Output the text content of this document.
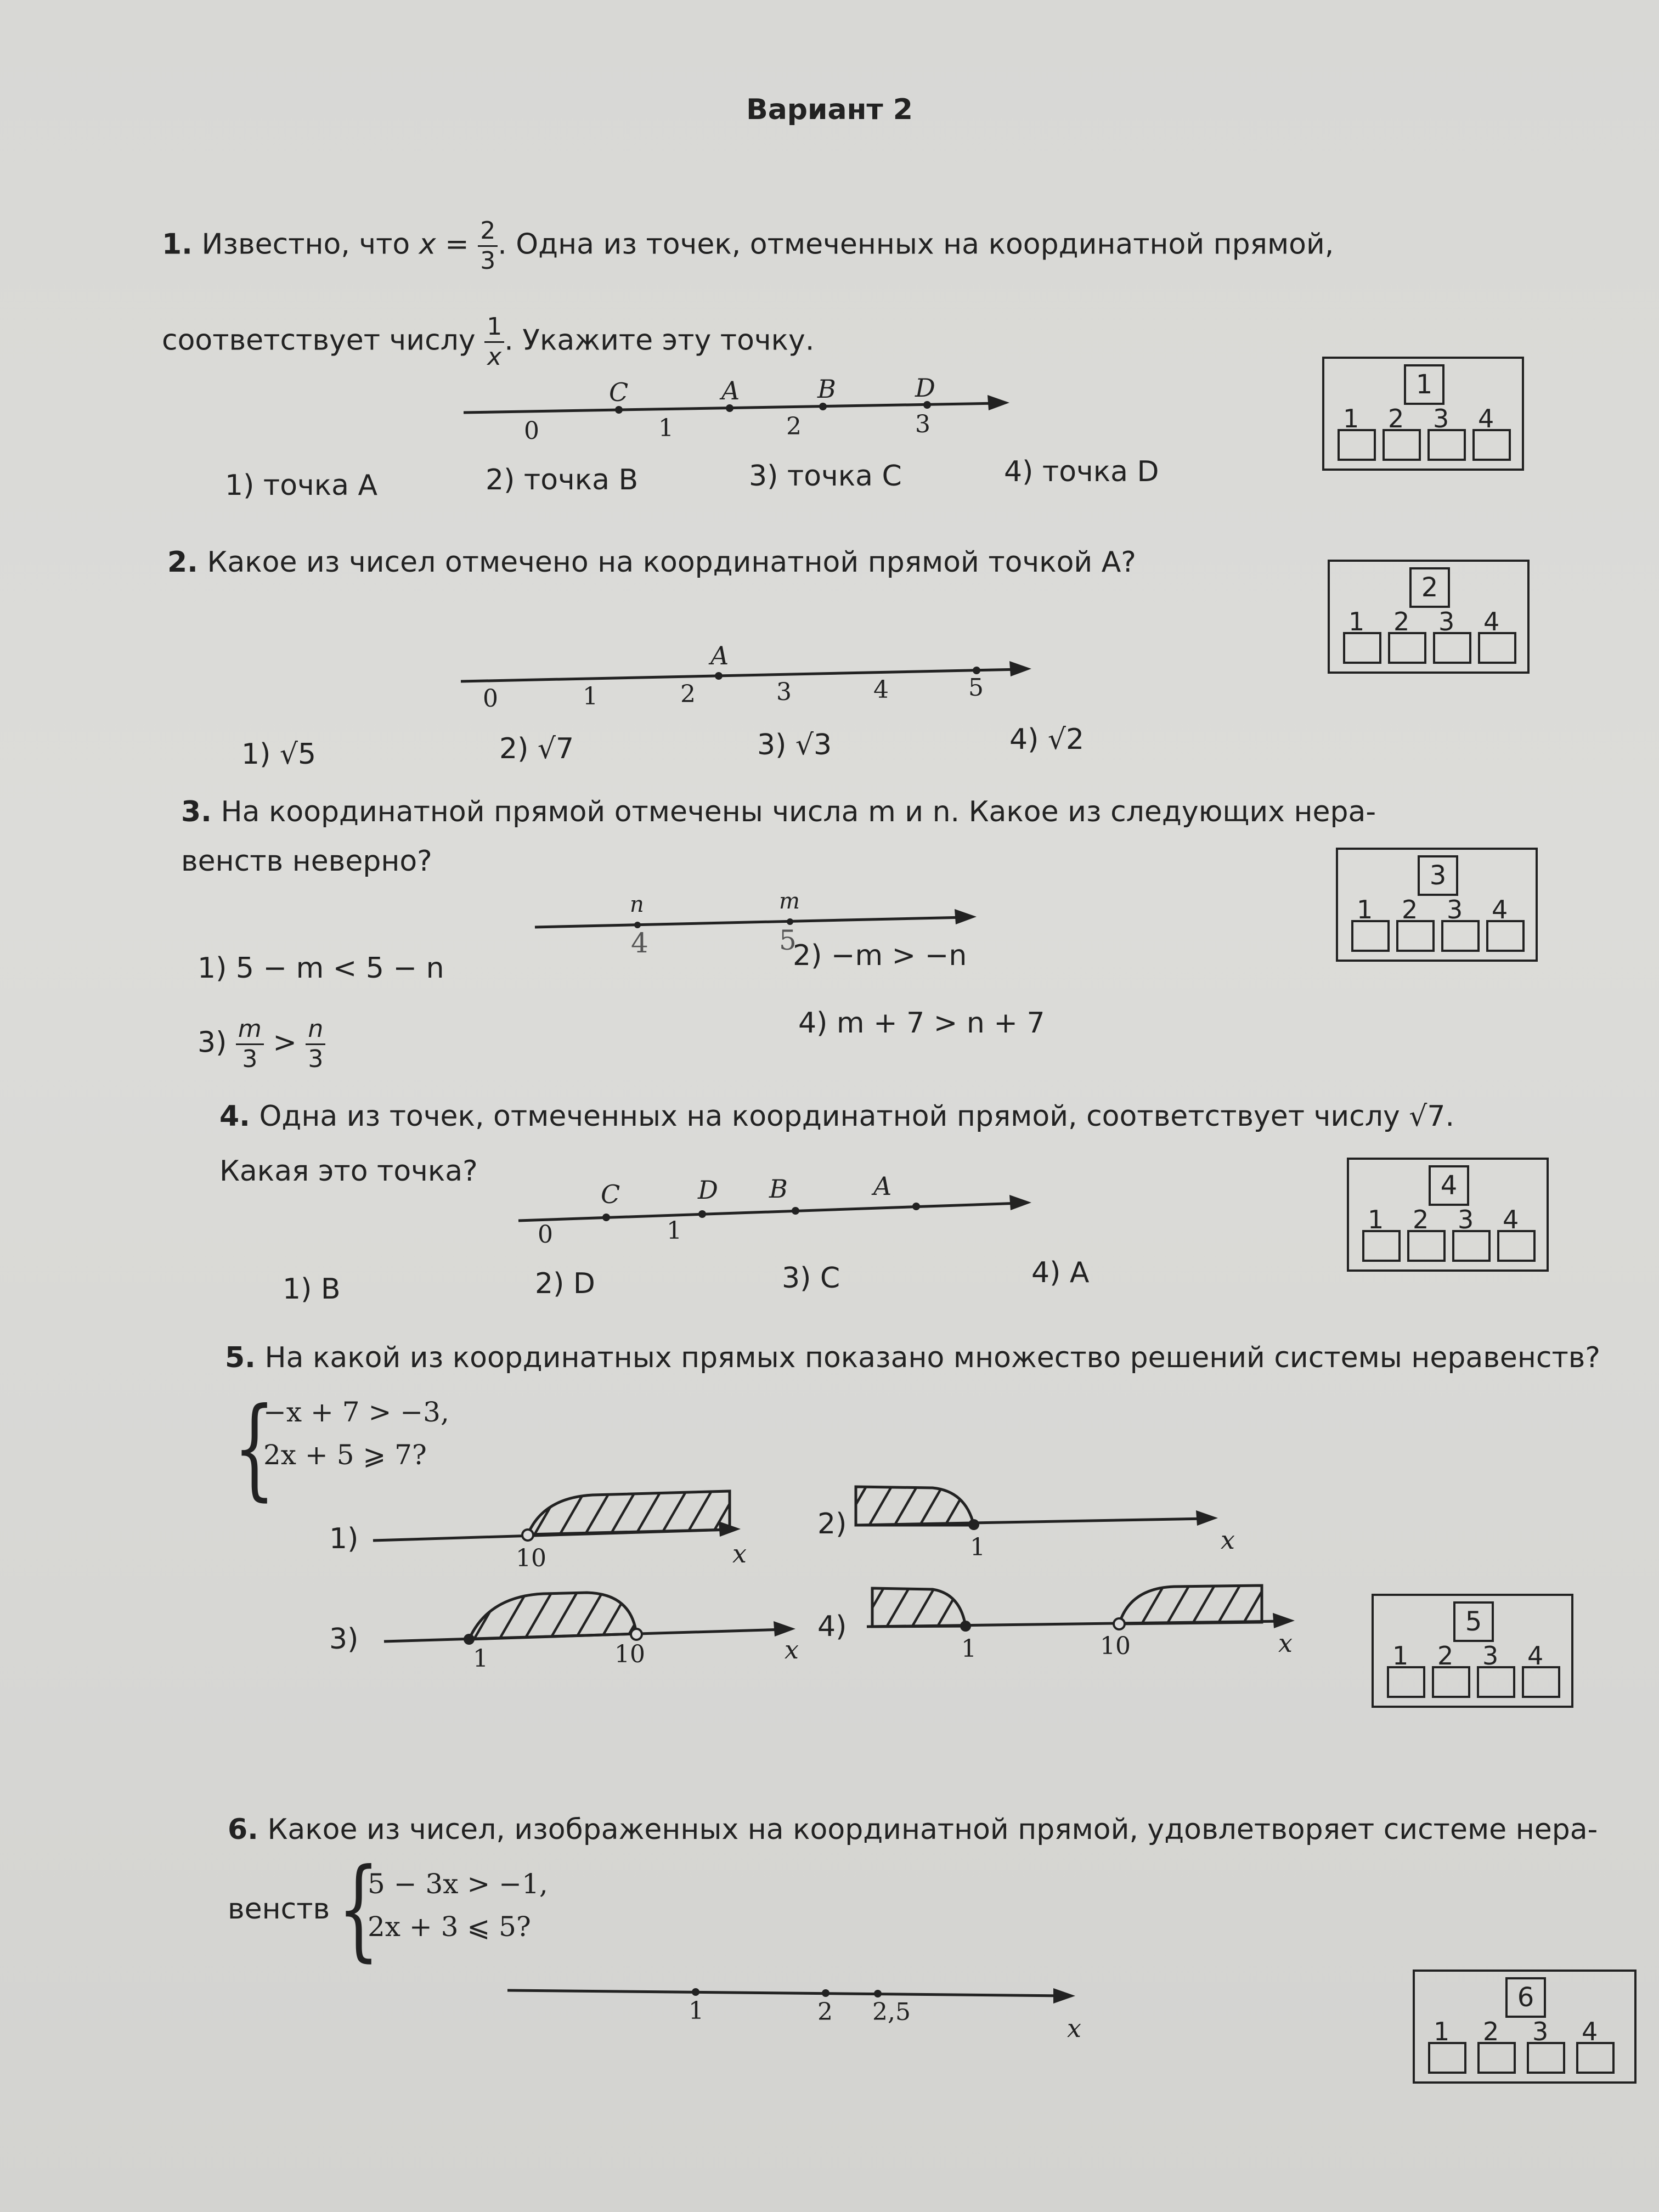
Вариант 2
1. Известно, что $x = \frac{2}{3}$ . Одна из точек, отмеченных на координатной прямой,
соответствует числу $\frac{1}{x}$. Укажите эту точку.
C	A	B	D
0	1	2	3
1) точка A	2) точка B	3) точка C	4) точка D
2. Какое из чисел отмечено на координатной прямой точкой A?
A
0	1	2	3	4	5
1) √5	2) √7	3) √3	4) √2
3. На координатной прямой отмечены числа m и n. Какое из следующих нера-
венств неверно?
n	m
4	5
1) 5 − m < 5 − n	2) −m > −n
$3) \frac{m}{3} > \frac{n}{3}$	4) m + 7 > n + 7
4. Одна из точек, отмеченных на координатной прямой, соответствует числу √7.
Какая это точка?
C	D B	A
0	1
1) B	2) D	3) C	4) A
5. На какой из координатных прямых показано множество решений системы неравенств?
{
−x + 7 > −3,
2x + 5 ⩾ 7?
1)
10	x
2)
1	x
3)
1	10	x
4)
1	10	x
6. Какое из чисел, изображенных на координатной прямой, удовлетворяет системе нера-
венств {
5 − 3x > −1,
2x + 3 ⩽ 5?
1	2 2,5
x
1
1 2 3 4
2
1 2 3 4
3
1 2 3 4
4
1 2 3 4
5
1 2 3 4
6
1 2 3 4
